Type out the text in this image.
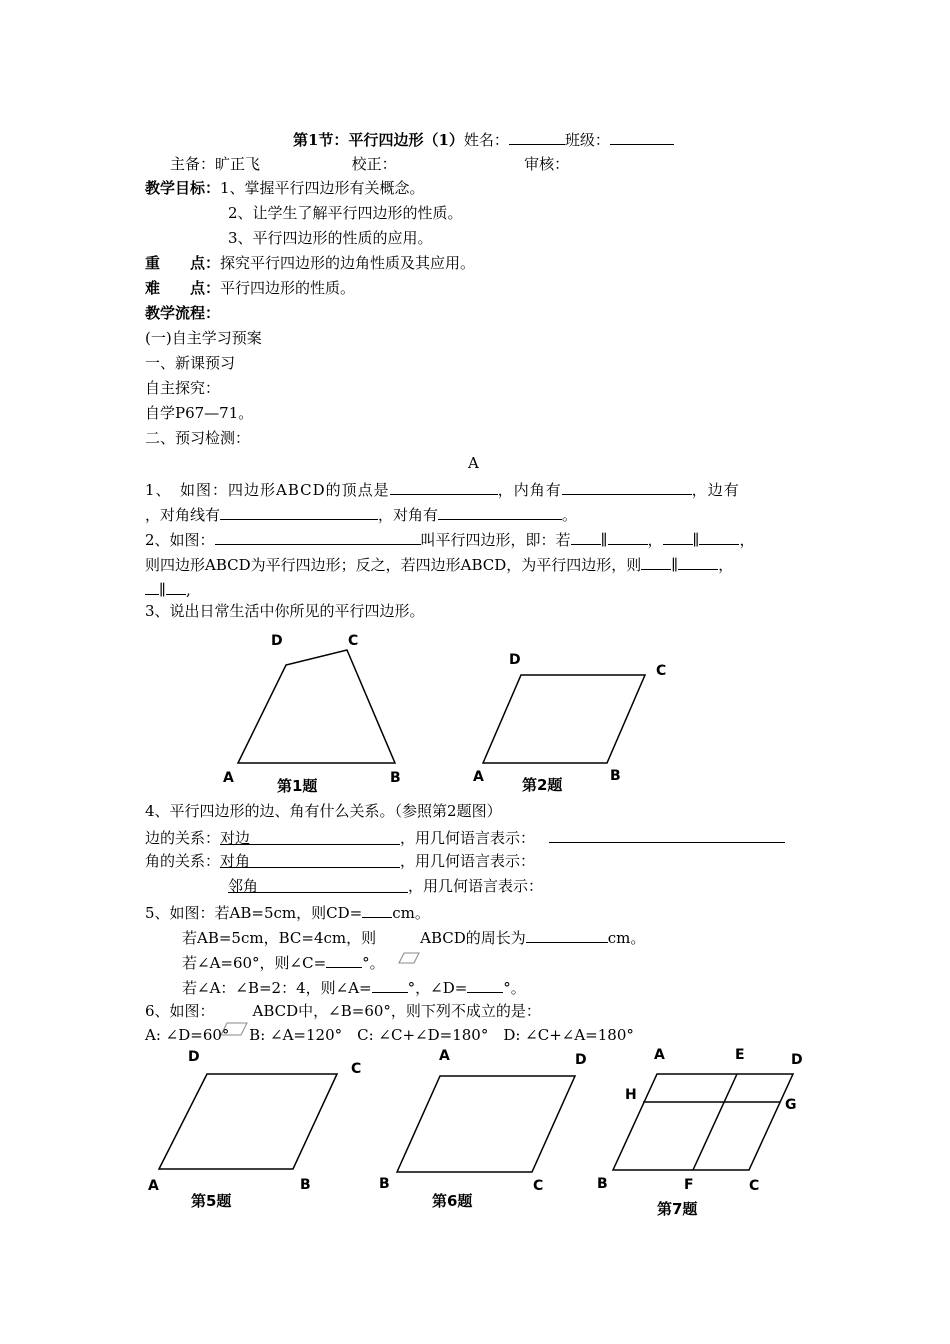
第1节：平行四边形（1）姓名：	班级：
主备：旷正飞	校正：	审核：
教学目标：1、掌握平行四边形有关概念。
2、让学生了解平行四边形的性质。
3、平行四边形的性质的应用。
重　　点：探究平行四边形的边角性质及其应用。
难　　点：平行四边形的性质。
教学流程：
(一)自主学习预案
一、新课预习
自主探究：
自学P67—71。
二、预习检测：
A
1、　如图：四边形ABCD的顶点是	，内角有	，边有
，对角线有	，对角有	。
2、如图：	叫平行四边形，即：若 ∥	， ∥	，
则四边形ABCD为平行四边形；反之，若四边形ABCD，为平行四边形，则 ∥	，
∥ ,
3、说出日常生活中你所见的平行四边形。
A	B
C
D
第1题	A	B
C
D
第2题
4、平行四边形的边、角有什么关系。（参照第2题图）
边的关系：对边	，用几何语言表示：
角的关系：对角	，用几何语言表示：
邻角	，用几何语言表示：
5、如图：若AB=5cm，则CD= cm。
若AB=5cm，BC=4cm，则	ABCD的周长为	cm。
若∠A=60°，则∠C= °。
若∠A：∠B=2：4，则∠A= °，∠D= °。
6、如图：	ABCD中，∠B=60°，则下列不成立的是：
A: ∠D=60°　 B: ∠A=120°　C: ∠C+∠D=180°　D: ∠C+∠A=180°
A	B
C
D
第5题
A
B	C
D
第6题
A	E	D
H
G
B	F	C
第7题
